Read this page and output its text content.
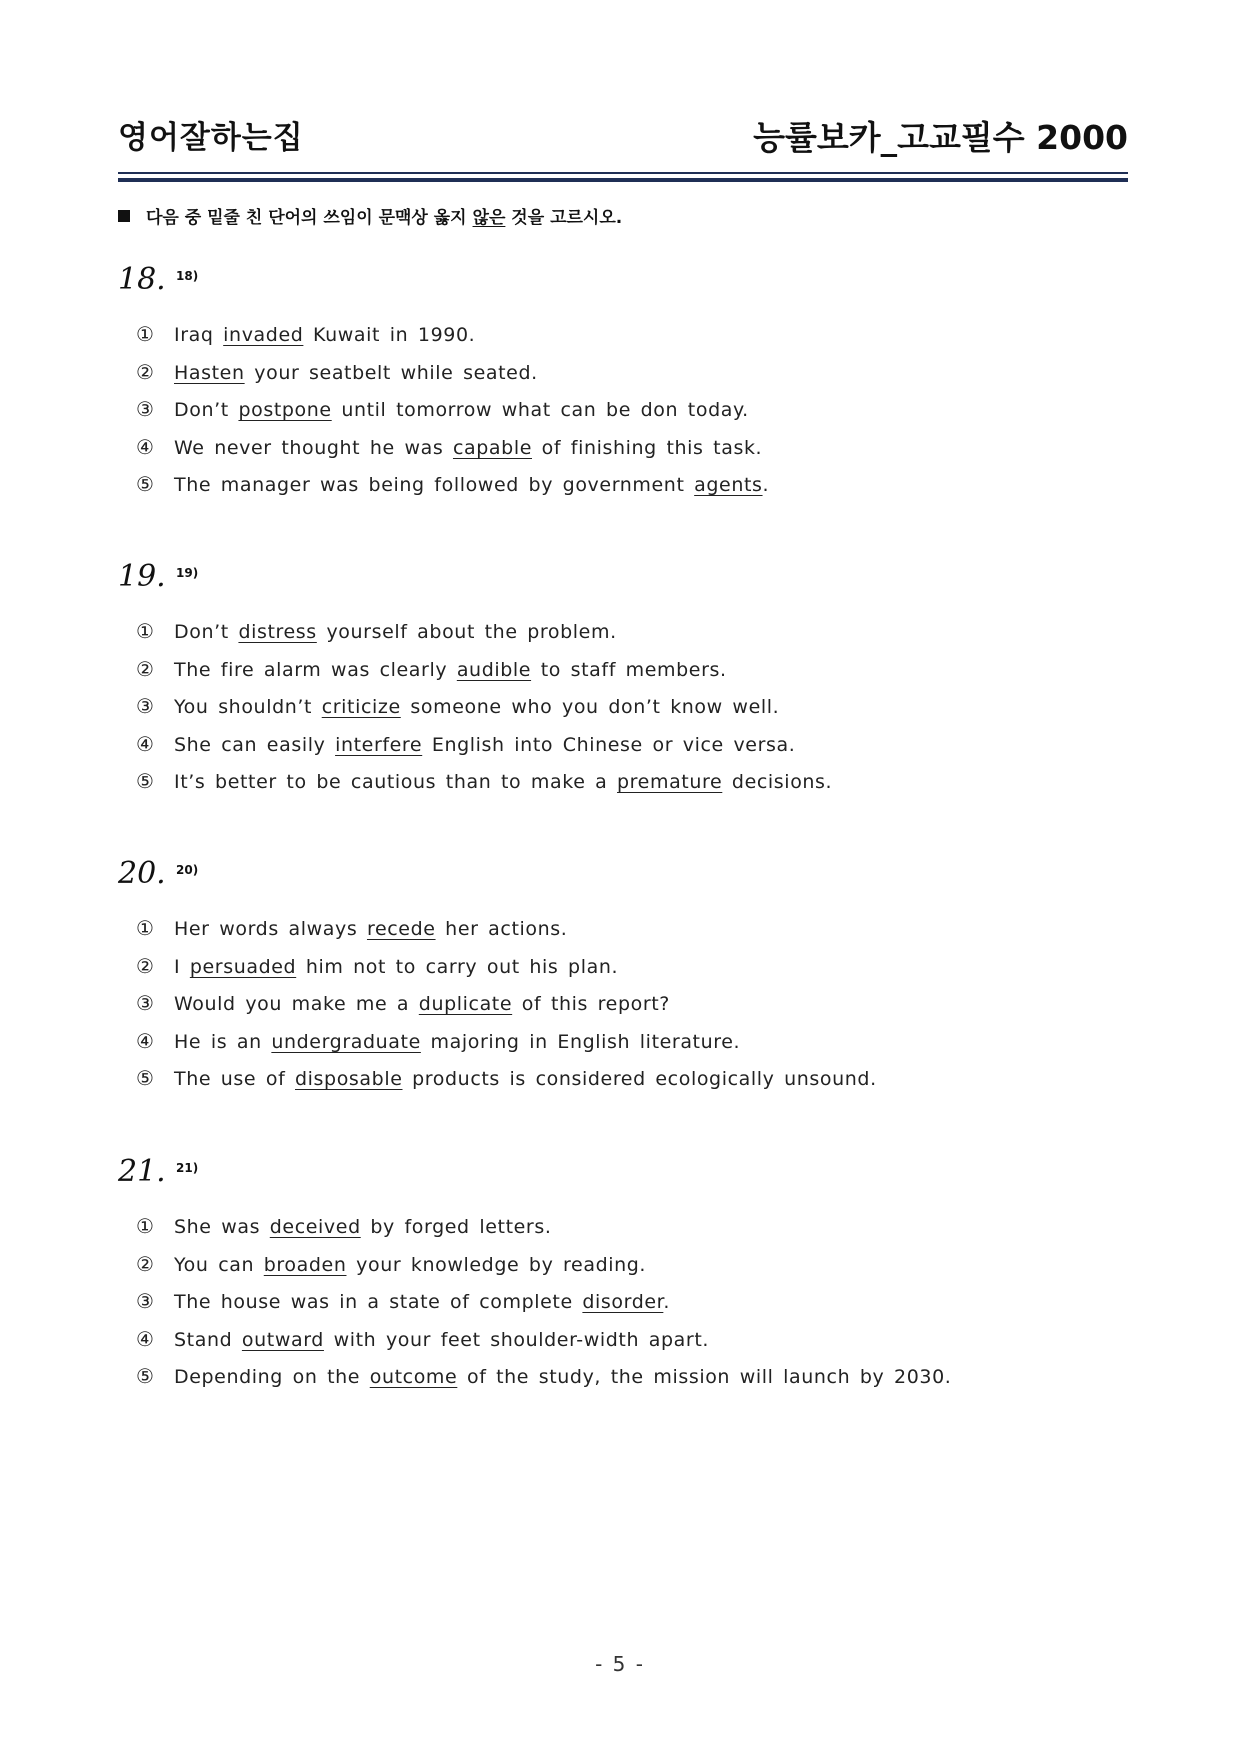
영어잘하는집	능률보카_고교필수 2000
다음 중 밑줄 친 단어의 쓰임이 문맥상 옳지 않은 것을 고르시오.
18. 18)
① Iraq invaded Kuwait in 1990.
② Hasten your seatbelt while seated.
③ Don’t postpone until tomorrow what can be don today.
④ We never thought he was capable of finishing this task.
⑤ The manager was being followed by government agents.
19. 19)
① Don’t distress yourself about the problem.
② The fire alarm was clearly audible to staff members.
③ You shouldn’t criticize someone who you don’t know well.
④ She can easily interfere English into Chinese or vice versa.
⑤ It’s better to be cautious than to make a premature decisions.
20. 20)
① Her words always recede her actions.
② I persuaded him not to carry out his plan.
③ Would you make me a duplicate of this report?
④ He is an undergraduate majoring in English literature.
⑤ The use of disposable products is considered ecologically unsound.
21. 21)
① She was deceived by forged letters.
② You can broaden your knowledge by reading.
③ The house was in a state of complete disorder.
④ Stand outward with your feet shoulder-width apart.
⑤ Depending on the outcome of the study, the mission will launch by 2030.
- 5 -
